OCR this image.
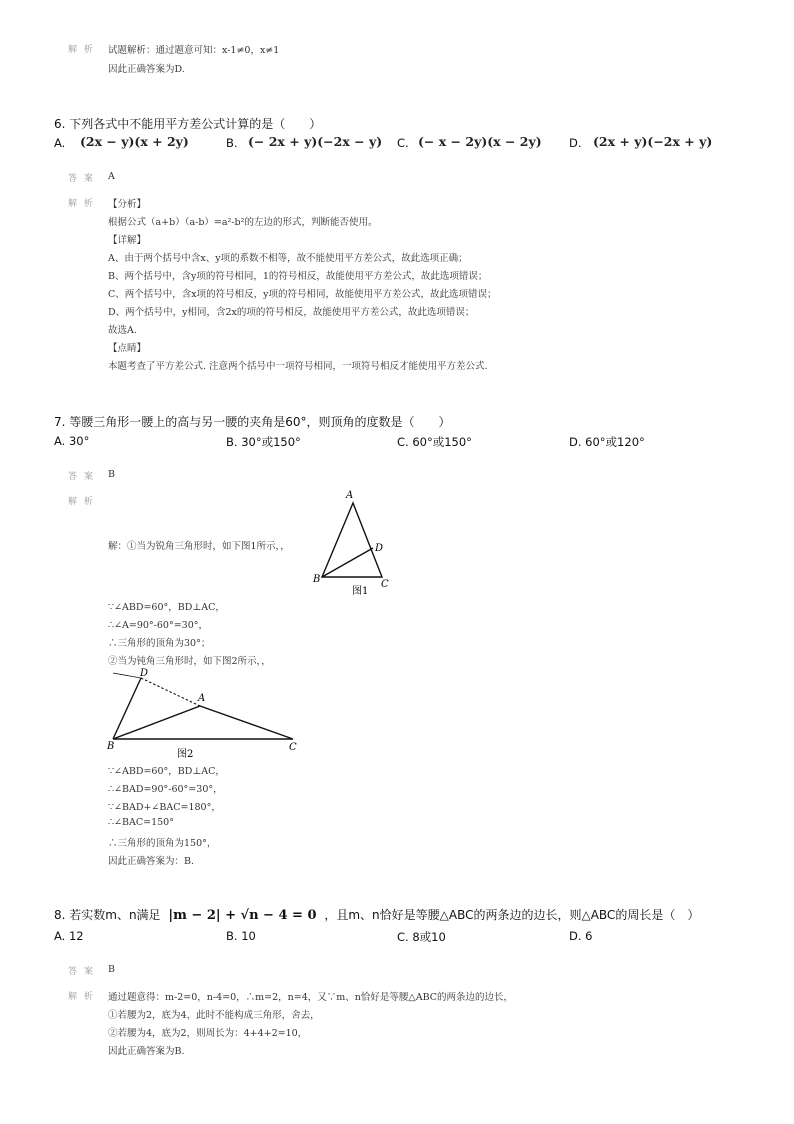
解 析 试题解析：通过题意可知：x-1≠0，x≠1
因此正确答案为D.
6. 下列各式中不能用平方差公式计算的是（　　）
A. (2x − y)(x + 2y)	B. (− 2x + y)(−2x − y) C. (− x − 2y)(x − 2y) D. (2x + y)(−2x + y)
答 案 A
解 析 【分析】
根据公式（a+b）（a-b）=a²-b²的左边的形式，判断能否使用。
【详解】
A、由于两个括号中含x、y项的系数不相等，故不能使用平方差公式，故此选项正确；
B、两个括号中，含y项的符号相同，1的符号相反，故能使用平方差公式，故此选项错误；
C、两个括号中，含x项的符号相反，y项的符号相同，故能使用平方差公式，故此选项错误；
D、两个括号中，y相同，含2x的项的符号相反，故能使用平方差公式，故此选项错误；
故选A.
【点睛】
本题考查了平方差公式. 注意两个括号中一项符号相同，一项符号相反才能使用平方差公式.
7. 等腰三角形一腰上的高与另一腰的夹角是60°，则顶角的度数是（　　）
A. 30°	B. 30°或150°	C. 60°或150°	D. 60°或120°
答 案 B
解 析
解：①当为锐角三角形时，如下图1所示，，
A
D
B	C
图1
∵∠ABD=60°，BD⊥AC，
∴∠A=90°-60°=30°，
∴三角形的顶角为30°；
②当为钝角三角形时，如下图2所示，，
D
A
B	C
图2
∵∠ABD=60°，BD⊥AC，
∴∠BAD=90°-60°=30°，
∵∠BAD+∠BAC=180°，
∴∠BAC=150°
∴三角形的顶角为150°，
因此正确答案为：B.
8. 若实数m、n满足 |m − 2| + √n − 4 = 0 ，且m、n恰好是等腰△ABC的两条边的边长，则△ABC的周长是（　）
A. 12	B. 10	C. 8或10	D. 6
答 案 B
解 析 通过题意得：m-2=0，n-4=0，∴m=2，n=4，又∵m、n恰好是等腰△ABC的两条边的边长，
①若腰为2，底为4，此时不能构成三角形，舍去，
②若腰为4，底为2，则周长为：4+4+2=10，
因此正确答案为B.
